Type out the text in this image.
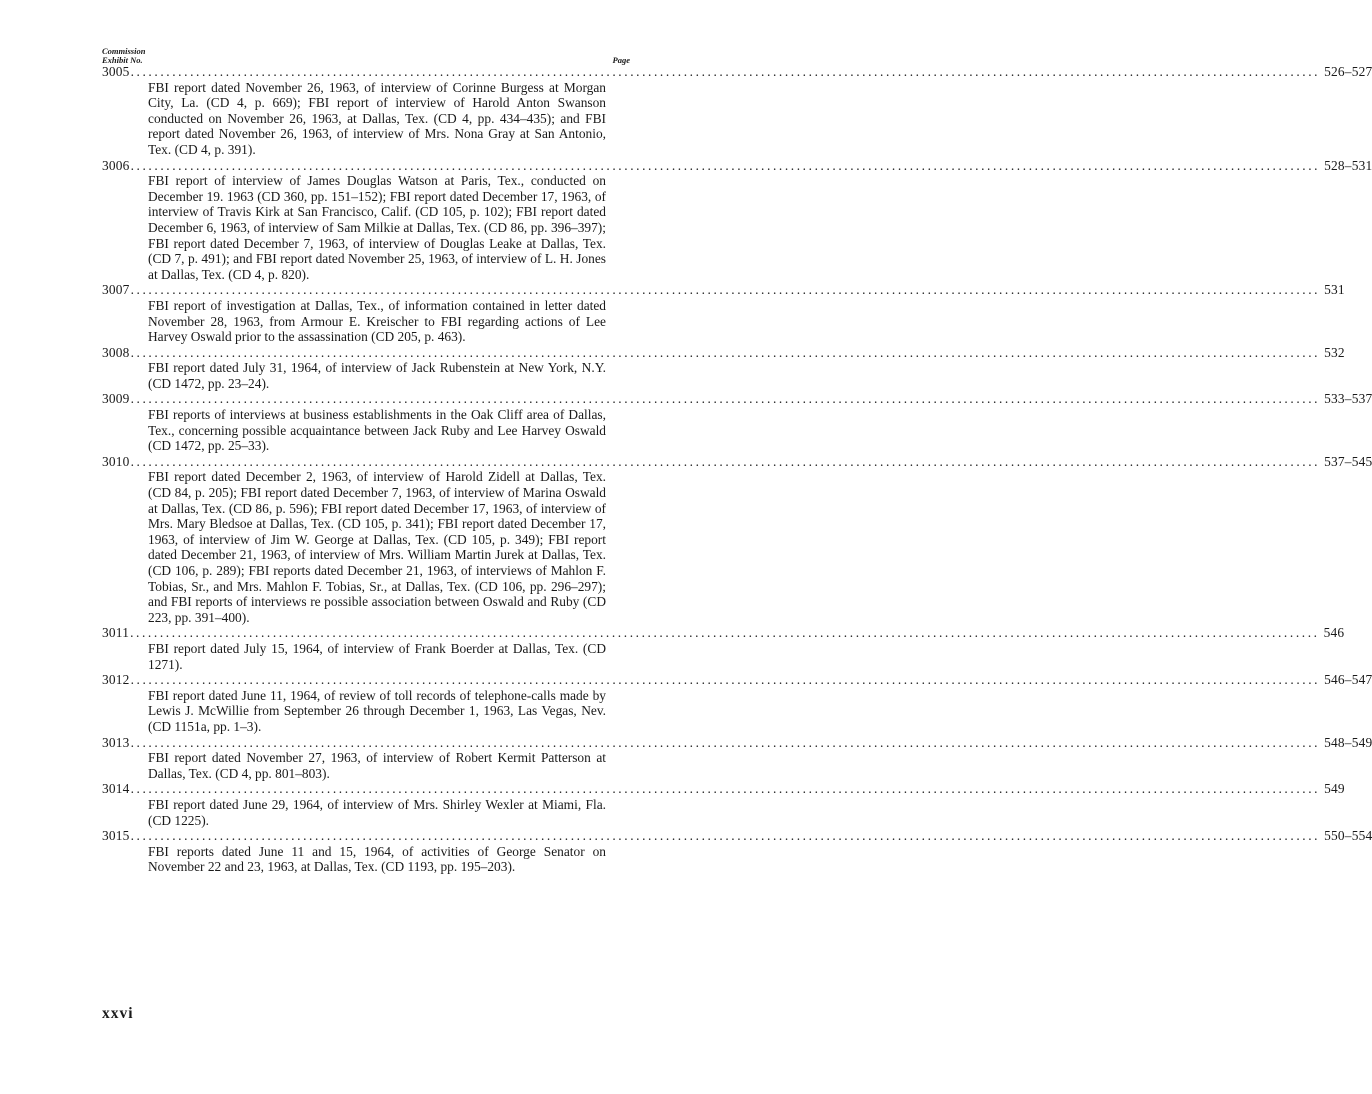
Commission
Exhibit No.	Page
3005 ........................................................................................................................................................................................................ 526–527
FBI report dated November 26, 1963, of interview of Corinne Burgess at Morgan City, La. (CD 4, p. 669); FBI report of interview of Harold Anton Swanson conducted on November 26, 1963, at Dallas, Tex. (CD 4, pp. 434–435); and FBI report dated November 26, 1963, of interview of Mrs. Nona Gray at San Antonio, Tex. (CD 4, p. 391).
3006 ........................................................................................................................................................................................................ 528–531
FBI report of interview of James Douglas Watson at Paris, Tex., conducted on December 19. 1963 (CD 360, pp. 151–152); FBI report dated December 17, 1963, of interview of Travis Kirk at San Francisco, Calif. (CD 105, p. 102); FBI report dated December 6, 1963, of interview of Sam Milkie at Dallas, Tex. (CD 86, pp. 396–397); FBI report dated December 7, 1963, of interview of Douglas Leake at Dallas, Tex. (CD 7, p. 491); and FBI report dated November 25, 1963, of interview of L. H. Jones at Dallas, Tex. (CD 4, p. 820).
3007 ........................................................................................................................................................................................................ 531
FBI report of investigation at Dallas, Tex., of information contained in letter dated November 28, 1963, from Armour E. Kreischer to FBI regarding actions of Lee Harvey Oswald prior to the assassination (CD 205, p. 463).
3008 ........................................................................................................................................................................................................ 532
FBI report dated July 31, 1964, of interview of Jack Rubenstein at New York, N.Y. (CD 1472, pp. 23–24).
3009 ........................................................................................................................................................................................................ 533–537
FBI reports of interviews at business establishments in the Oak Cliff area of Dallas, Tex., concerning possible acquaintance between Jack Ruby and Lee Harvey Oswald (CD 1472, pp. 25–33).
3010 ........................................................................................................................................................................................................ 537–545
FBI report dated December 2, 1963, of interview of Harold Zidell at Dallas, Tex. (CD 84, p. 205); FBI report dated December 7, 1963, of interview of Marina Oswald at Dallas, Tex. (CD 86, p. 596); FBI report dated December 17, 1963, of interview of Mrs. Mary Bledsoe at Dallas, Tex. (CD 105, p. 341); FBI report dated December 17, 1963, of interview of Jim W. George at Dallas, Tex. (CD 105, p. 349); FBI report dated December 21, 1963, of interview of Mrs. William Martin Jurek at Dallas, Tex. (CD 106, p. 289); FBI reports dated December 21, 1963, of interviews of Mahlon F. Tobias, Sr., and Mrs. Mahlon F. Tobias, Sr., at Dallas, Tex. (CD 106, pp. 296–297); and FBI reports of interviews re possible association between Oswald and Ruby (CD 223, pp. 391–400).
3011 ........................................................................................................................................................................................................ 546
FBI report dated July 15, 1964, of interview of Frank Boerder at Dallas, Tex. (CD 1271).
3012 ........................................................................................................................................................................................................ 546–547
FBI report dated June 11, 1964, of review of toll records of telephone-calls made by Lewis J. McWillie from September 26 through December 1, 1963, Las Vegas, Nev. (CD 1151a, pp. 1–3).
3013 ........................................................................................................................................................................................................ 548–549
FBI report dated November 27, 1963, of interview of Robert Kermit Patterson at Dallas, Tex. (CD 4, pp. 801–803).
3014 ........................................................................................................................................................................................................ 549
FBI report dated June 29, 1964, of interview of Mrs. Shirley Wexler at Miami, Fla. (CD 1225).
3015 ........................................................................................................................................................................................................ 550–554
FBI reports dated June 11 and 15, 1964, of activities of George Senator on November 22 and 23, 1963, at Dallas, Tex. (CD 1193, pp. 195–203).
xxvi
